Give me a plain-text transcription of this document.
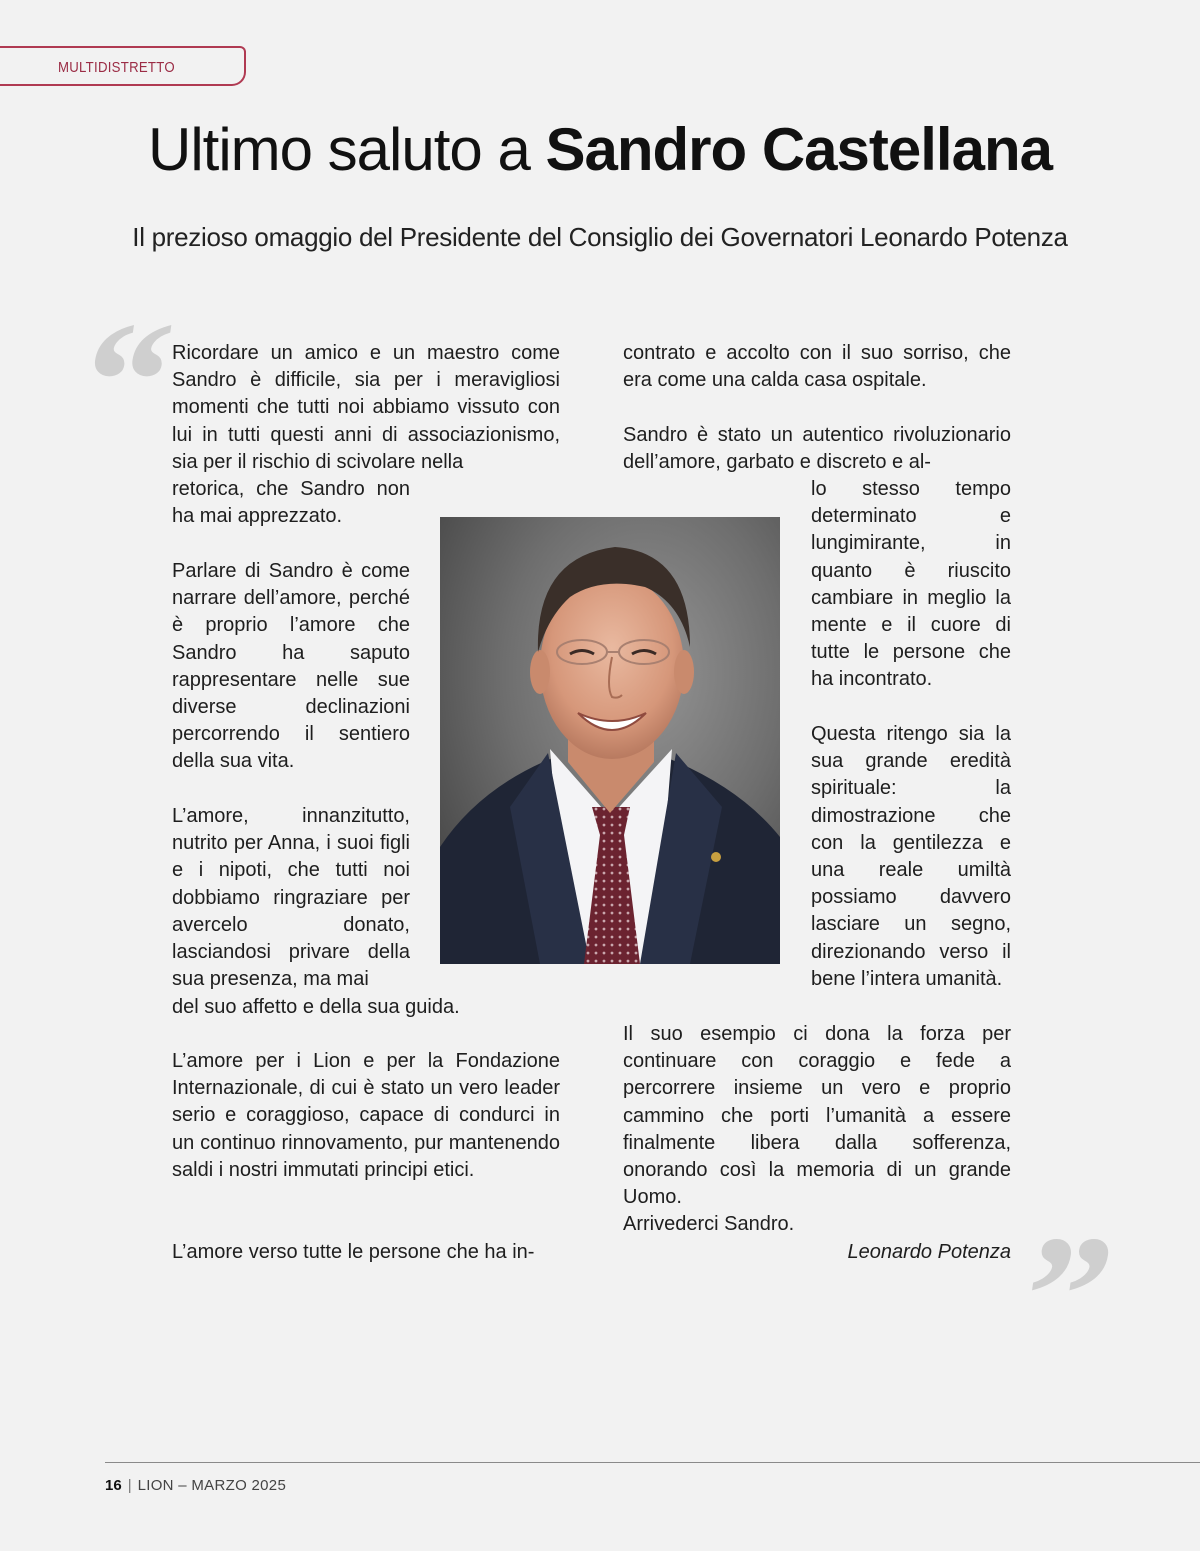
MULTIDISTRETTO
Ultimo saluto a Sandro Castellana
Il prezioso omaggio del Presidente del Consiglio dei Governatori Leonardo Potenza
“

Ricordare un amico e un maestro come Sandro è difficile, sia per i meravigliosi momenti che tutti noi abbiamo vissuto con lui in tutti questi anni di associazionismo, sia per il rischio di scivolare nella

retorica, che Sandro non ha mai apprezzato.

Parlare di Sandro è come narrare dell’amore, perché è proprio l’amore che Sandro ha saputo rappresentare nelle sue diverse declinazioni percorrendo il sentiero della sua vita.

L’amore, innanzitutto, nutrito per Anna, i suoi figli e i nipoti, che tutti noi dobbiamo ringraziare per avercelo donato, lasciandosi privare della sua presenza, ma mai

del suo affetto e della sua guida.

L’amore per i Lion e per la Fondazione Internazionale, di cui è stato un vero leader serio e coraggioso, capace di condurci in un continuo rinnovamento, pur mantenendo saldi i nostri immutati principi etici.

L’amore verso tutte le persone che ha in-

contrato e accolto con il suo sorriso, che era come una calda casa ospitale.

Sandro è stato un autentico rivoluzionario dell’amore, garbato e discreto e al-

lo stesso tempo determinato e lungimirante, in quanto è riuscito cambiare in meglio la mente e il cuore di tutte le persone che ha incontrato.

Questa ritengo sia la sua grande eredità spirituale: la dimostrazione che con la gentilezza e una reale umiltà possiamo davvero lasciare un segno, direzionando verso il bene l’intera umanità.

Il suo esempio ci dona la forza per continuare con coraggio e fede a percorrere insieme un vero e proprio cammino che porti l’umanità a essere finalmente libera dalla sofferenza, onorando così la memoria di un grande Uomo.

Arrivederci Sandro.

Leonardo Potenza ”
16 | LION – MARZO 2025
